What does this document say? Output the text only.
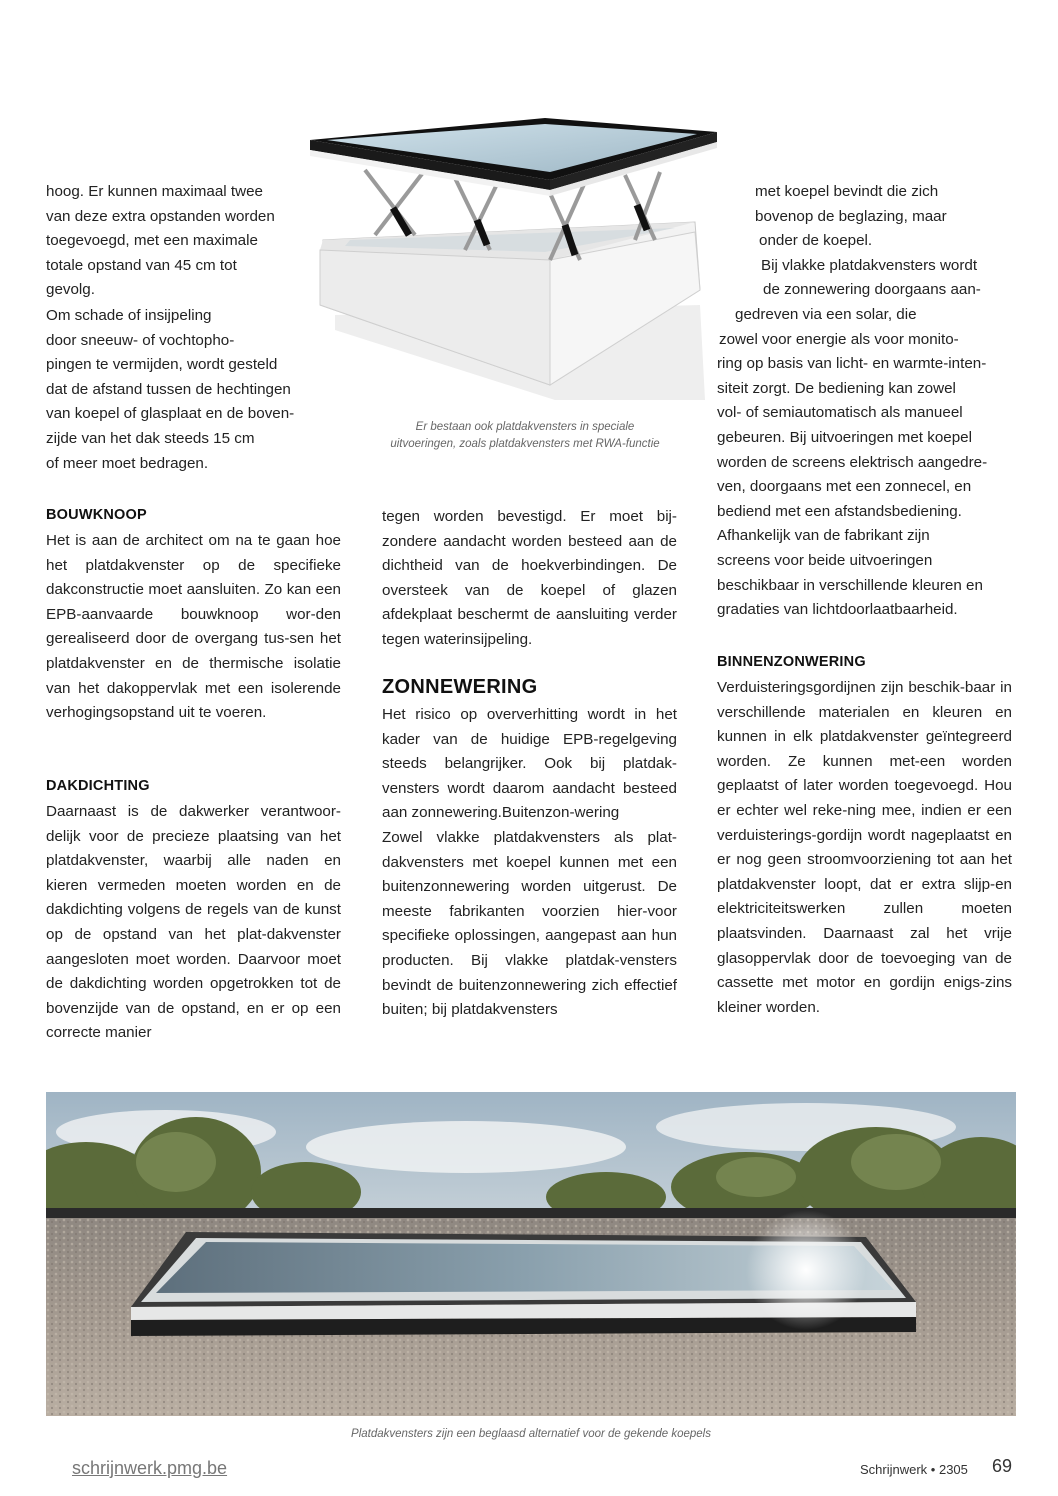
hoog. Er kunnen maximaal twee
van deze extra opstanden worden
toegevoegd, met een maximale
totale opstand van 45 cm tot
gevolg.
Om schade of insijpeling
door sneeuw- of vochtopho-
pingen te vermijden, wordt gesteld
dat de afstand tussen de hechtingen
van koepel of glasplaat en de boven-
zijde van het dak steeds 15 cm
of meer moet bedragen.
BOUWKNOOP

Het is aan de architect om na te gaan hoe het platdakvenster op de specifieke dakconstructie moet aansluiten. Zo kan een EPB-aanvaarde bouwknoop wor-den gerealiseerd door de overgang tus-sen het platdakvenster en de thermische isolatie van het dakoppervlak met een isolerende verhogingsopstand uit te voeren.

DAKDICHTING

Daarnaast is de dakwerker verantwoor-delijk voor de precieze plaatsing van het platdakvenster, waarbij alle naden en kieren vermeden moeten worden en de dakdichting volgens de regels van de kunst op de opstand van het plat-dakvenster aangesloten moet worden. Daarvoor moet de dakdichting worden opgetrokken tot de bovenzijde van de opstand, en er op een correcte manier

Er bestaan ook platdakvensters in speciale
uitvoeringen, zoals platdakvensters met RWA-functie

tegen worden bevestigd. Er moet bij-zondere aandacht worden besteed aan de dichtheid van de hoekverbindingen. De oversteek van de koepel of glazen afdekplaat beschermt de aansluiting verder tegen waterinsijpeling.

ZONNEWERING

Het risico op oververhitting wordt in het kader van de huidige EPB-regelgeving steeds belangrijker. Ook bij platdak-vensters wordt daarom aandacht besteed aan zonnewering.Buitenzon-wering

Zowel vlakke platdakvensters als plat-dakvensters met koepel kunnen met een buitenzonnewering worden uitgerust. De meeste fabrikanten voorzien hier-voor specifieke oplossingen, aangepast aan hun producten. Bij vlakke platdak-vensters bevindt de buitenzonnewering zich effectief buiten; bij platdakvensters

met koepel bevindt die zich
bovenop de beglazing, maar
onder de koepel.
Bij vlakke platdakvensters wordt
de zonnewering doorgaans aan-
gedreven via een solar, die
zowel voor energie als voor monito-
ring op basis van licht- en warmte-inten-
siteit zorgt. De bediening kan zowel
vol- of semiautomatisch als manueel
gebeuren. Bij uitvoeringen met koepel
worden de screens elektrisch aangedre-
ven, doorgaans met een zonnecel, en
bediend met een afstandsbediening.
Afhankelijk van de fabrikant zijn
screens voor beide uitvoeringen
beschikbaar in verschillende kleuren en
gradaties van lichtdoorlaatbaarheid.
BINNENZONWERING

Verduisteringsgordijnen zijn beschik-baar in verschillende materialen en kleuren en kunnen in elk platdakvenster geïntegreerd worden. Ze kunnen met-een worden geplaatst of later worden toegevoegd. Hou er echter wel reke-ning mee, indien er een verduisterings-gordijn wordt nageplaatst en er nog geen stroomvoorziening tot aan het platdakvenster loopt, dat er extra slijp-en elektriciteitswerken zullen moeten plaatsvinden. Daarnaast zal het vrije glasoppervlak door de toevoeging van de cassette met motor en gordijn enigs-zins kleiner worden.

Platdakvensters zijn een beglaasd alternatief voor de gekende koepels
schrijnwerk.pmg.be	Schrijnwerk • 2305 69
